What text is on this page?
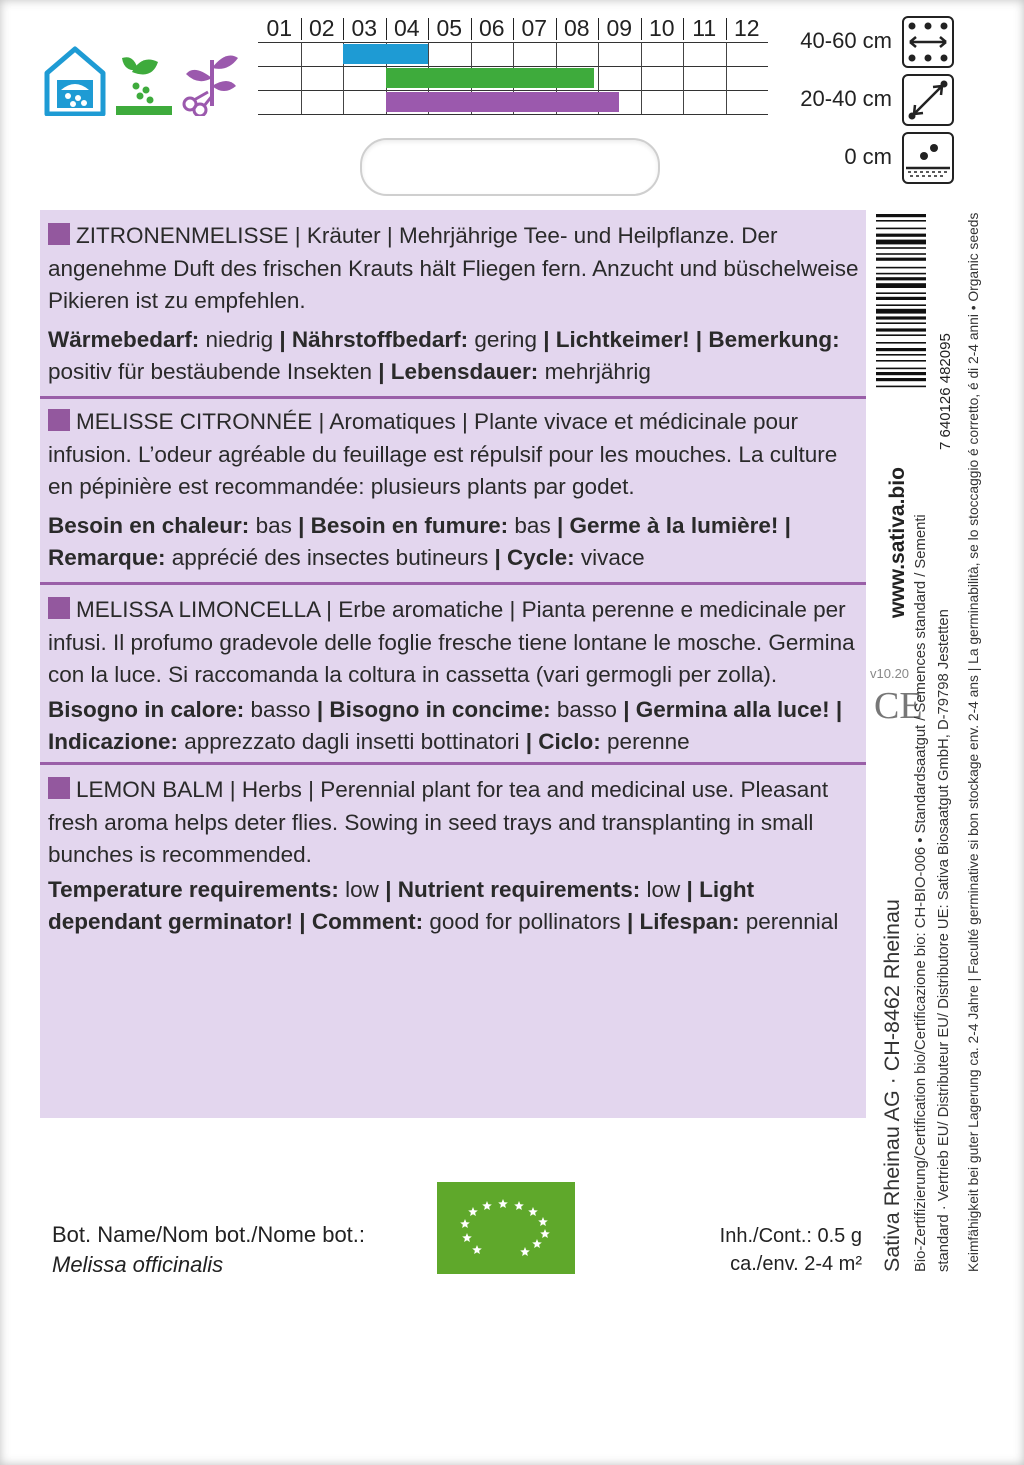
01 02 03 04 05 06 07 08 09 10 11 12	40-60 cm
20-40 cm
0 cm

ZITRONENMELISSE | Kräuter | Mehrjährige Tee- und Heilpflanze. Der angenehme Duft des frischen Krauts hält Fliegen fern. Anzucht und büschelweise Pikieren ist zu empfehlen.

Wärmebedarf: niedrig | Nährstoffbedarf: gering | Lichtkeimer! | Bemerkung: positiv für bestäubende Insekten | Lebensdauer: mehrjährig

MELISSE CITRONNÉE | Aromatiques | Plante vivace et médicinale pour infusion. L’odeur agréable du feuillage est répulsif pour les mouches. La culture en pépinière est recommandée: plusieurs plants par godet.

Besoin en chaleur: bas | Besoin en fumure: bas | Germe à la lumière! | Remarque: apprécié des insectes butineurs | Cycle: vivace

MELISSA LIMONCELLA | Erbe aromatiche | Pianta perenne e medicinale per infusi. Il profumo gradevole delle foglie fresche tiene lontane le mosche. Germina con la luce. Si raccomanda la coltura in cassetta (vari germogli per zolla).

Bisogno in calore: basso | Bisogno in concime: basso | Germina alla luce! | Indicazione: apprezzato dagli insetti bottinatori | Ciclo: perenne

LEMON BALM | Herbs | Perennial plant for tea and medicinal use. Pleasant fresh aroma helps deter flies. Sowing in seed trays and transplanting in small bunches is recommended.

Temperature requirements: low | Nutrient requirements: low | Light dependant germinator! | Comment: good for pollinators | Lifespan: perennial

7 640126 482095
www.sativa.bio
v10.20
CE
Sativa Rheinau AG · CH-8462 Rheinau Bio-Zertifizierung/Certification bio/Certificazione bio: CH-BIO-006 • Standardsaatgut / Semences standard / Sementi standard · Vertrieb EU/ Distributeur EU/ Distributore UE: Sativa Biosaatgut GmbH, D-79798 Jestetten Keimfähigkeit bei guter Lagerung ca. 2-4 Jahre | Faculté germinative si bon stockage env. 2-4 ans | La germinabilità, se lo stoccaggio é corretto, é di 2-4 anni • Organic seeds
Bot. Name/Nom bot./Nome bot.:
Melissa officinalis
Inh./Cont.: 0.5 g
ca./env. 2-4 m²
